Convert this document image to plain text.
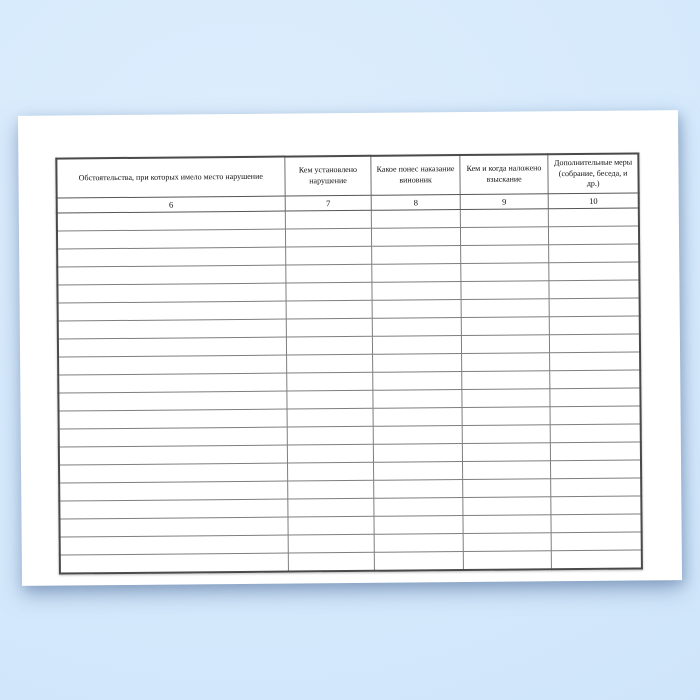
Обстоятельства, при которых имело место нарушение	Кем установлено нарушение	Какое понес наказание виновник	Кем и когда наложено взыскание	Дополнительные меры (собрание, беседа, и др.)
6	7	8	9	10
